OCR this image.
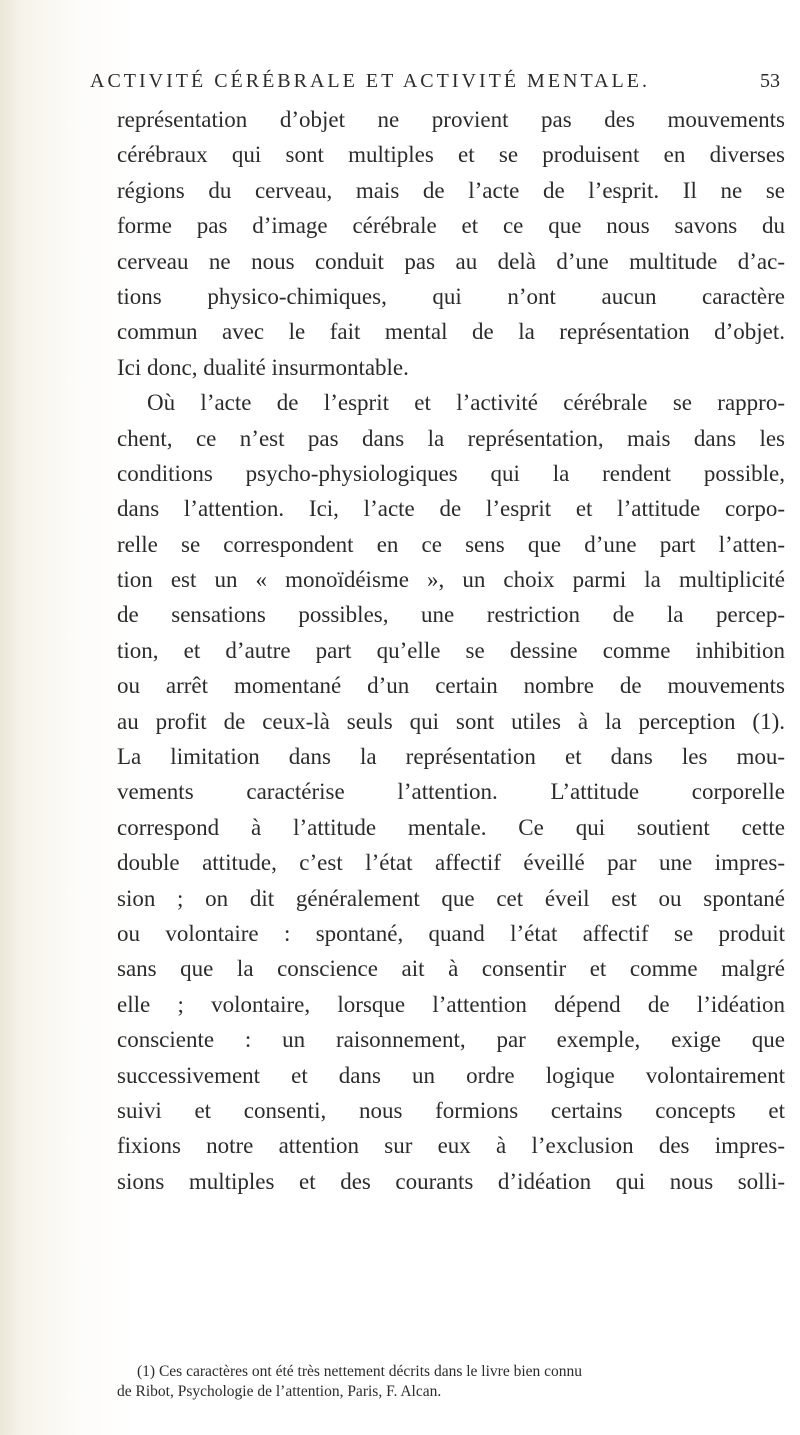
ACTIVITÉ CÉRÉBRALE ET ACTIVITÉ MENTALE.	53
représentation d’objet ne provient pas des mouvements
cérébraux qui sont multiples et se produisent en diverses
régions du cerveau, mais de l’acte de l’esprit. Il ne se
forme pas d’image cérébrale et ce que nous savons du
cerveau ne nous conduit pas au delà d’une multitude d’ac-
tions physico-chimiques, qui n’ont aucun caractère
commun avec le fait mental de la représentation d’objet.
Ici donc, dualité insurmontable.
Où l’acte de l’esprit et l’activité cérébrale se rappro-
chent, ce n’est pas dans la représentation, mais dans les
conditions psycho-physiologiques qui la rendent possible,
dans l’attention. Ici, l’acte de l’esprit et l’attitude corpo-
relle se correspondent en ce sens que d’une part l’atten-
tion est un « monoïdéisme », un choix parmi la multiplicité
de sensations possibles, une restriction de la percep-
tion, et d’autre part qu’elle se dessine comme inhibition
ou arrêt momentané d’un certain nombre de mouvements
au profit de ceux-là seuls qui sont utiles à la perception (1).
La limitation dans la représentation et dans les mou-
vements caractérise l’attention. L’attitude corporelle
correspond à l’attitude mentale. Ce qui soutient cette
double attitude, c’est l’état affectif éveillé par une impres-
sion ; on dit généralement que cet éveil est ou spontané
ou volontaire : spontané, quand l’état affectif se produit
sans que la conscience ait à consentir et comme malgré
elle ; volontaire, lorsque l’attention dépend de l’idéation
consciente : un raisonnement, par exemple, exige que
successivement et dans un ordre logique volontairement
suivi et consenti, nous formions certains concepts et
fixions notre attention sur eux à l’exclusion des impres-
sions multiples et des courants d’idéation qui nous solli-
(1) Ces caractères ont été très nettement décrits dans le livre bien connu
de Ribot, Psychologie de l’attention, Paris, F. Alcan.
